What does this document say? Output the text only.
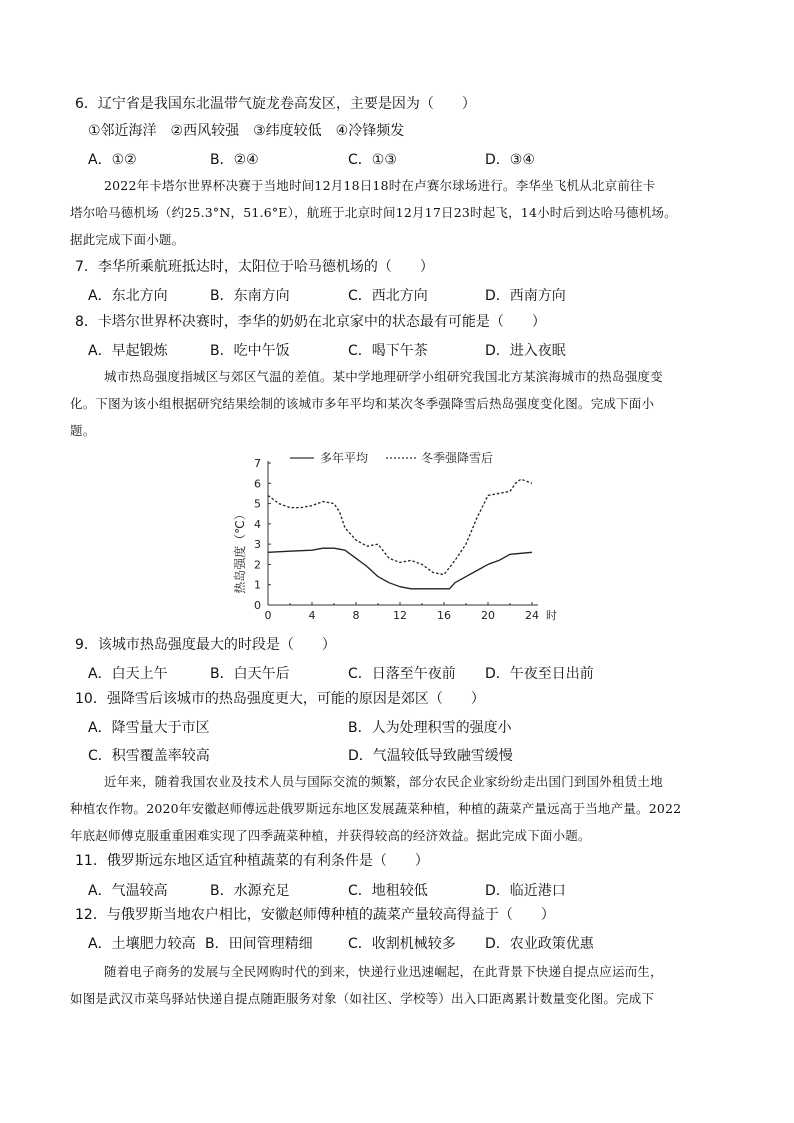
6．辽宁省是我国东北温带气旋龙卷高发区，主要是因为（　　）
①邻近海洋　②西风较强　③纬度较低　④冷锋频发
A．①②	B．②④	C．①③	D．③④
2022年卡塔尔世界杯决赛于当地时间12月18日18时在卢赛尔球场进行。李华坐飞机从北京前往卡
塔尔哈马德机场（约25.3°N，51.6°E），航班于北京时间12月17日23时起飞，14小时后到达哈马德机场。
据此完成下面小题。
7．李华所乘航班抵达时，太阳位于哈马德机场的（　　）
A．东北方向	B．东南方向	C．西北方向	D．西南方向
8．卡塔尔世界杯决赛时，李华的奶奶在北京家中的状态最有可能是（　　）
A．早起锻炼	B．吃中午饭	C．喝下午茶	D．进入夜眠
城市热岛强度指城区与郊区气温的差值。某中学地理研学小组研究我国北方某滨海城市的热岛强度变
化。下图为该小组根据研究结果绘制的该城市多年平均和某次冬季强降雪后热岛强度变化图。完成下面小
题。
0	4	8	12	16	20	24 时
0
1
2
3
4
5
6
7	多年平均	冬季强降雪后
热岛强度（℃）
9．该城市热岛强度最大的时段是（　　）
A．白天上午	B．白天午后	C．日落至午夜前 D．午夜至日出前
10．强降雪后该城市的热岛强度更大，可能的原因是郊区（　　）
A．降雪量大于市区	B．人为处理积雪的强度小
C．积雪覆盖率较高	D．气温较低导致融雪缓慢
近年来，随着我国农业及技术人员与国际交流的频繁，部分农民企业家纷纷走出国门到国外租赁土地
种植农作物。2020年安徽赵师傅远赴俄罗斯远东地区发展蔬菜种植，种植的蔬菜产量远高于当地产量。2022
年底赵师傅克服重重困难实现了四季蔬菜种植，并获得较高的经济效益。据此完成下面小题。
11．俄罗斯远东地区适宜种植蔬菜的有利条件是（　　）
A．气温较高	B．水源充足	C．地租较低	D．临近港口
12．与俄罗斯当地农户相比，安徽赵师傅种植的蔬菜产量较高得益于（　　）
A．土壤肥力较高 B．田间管理精细	C．收割机械较多 D．农业政策优惠
随着电子商务的发展与全民网购时代的到来，快递行业迅速崛起，在此背景下快递自提点应运而生，
如图是武汉市菜鸟驿站快递自提点随距服务对象（如社区、学校等）出入口距离累计数量变化图。完成下
